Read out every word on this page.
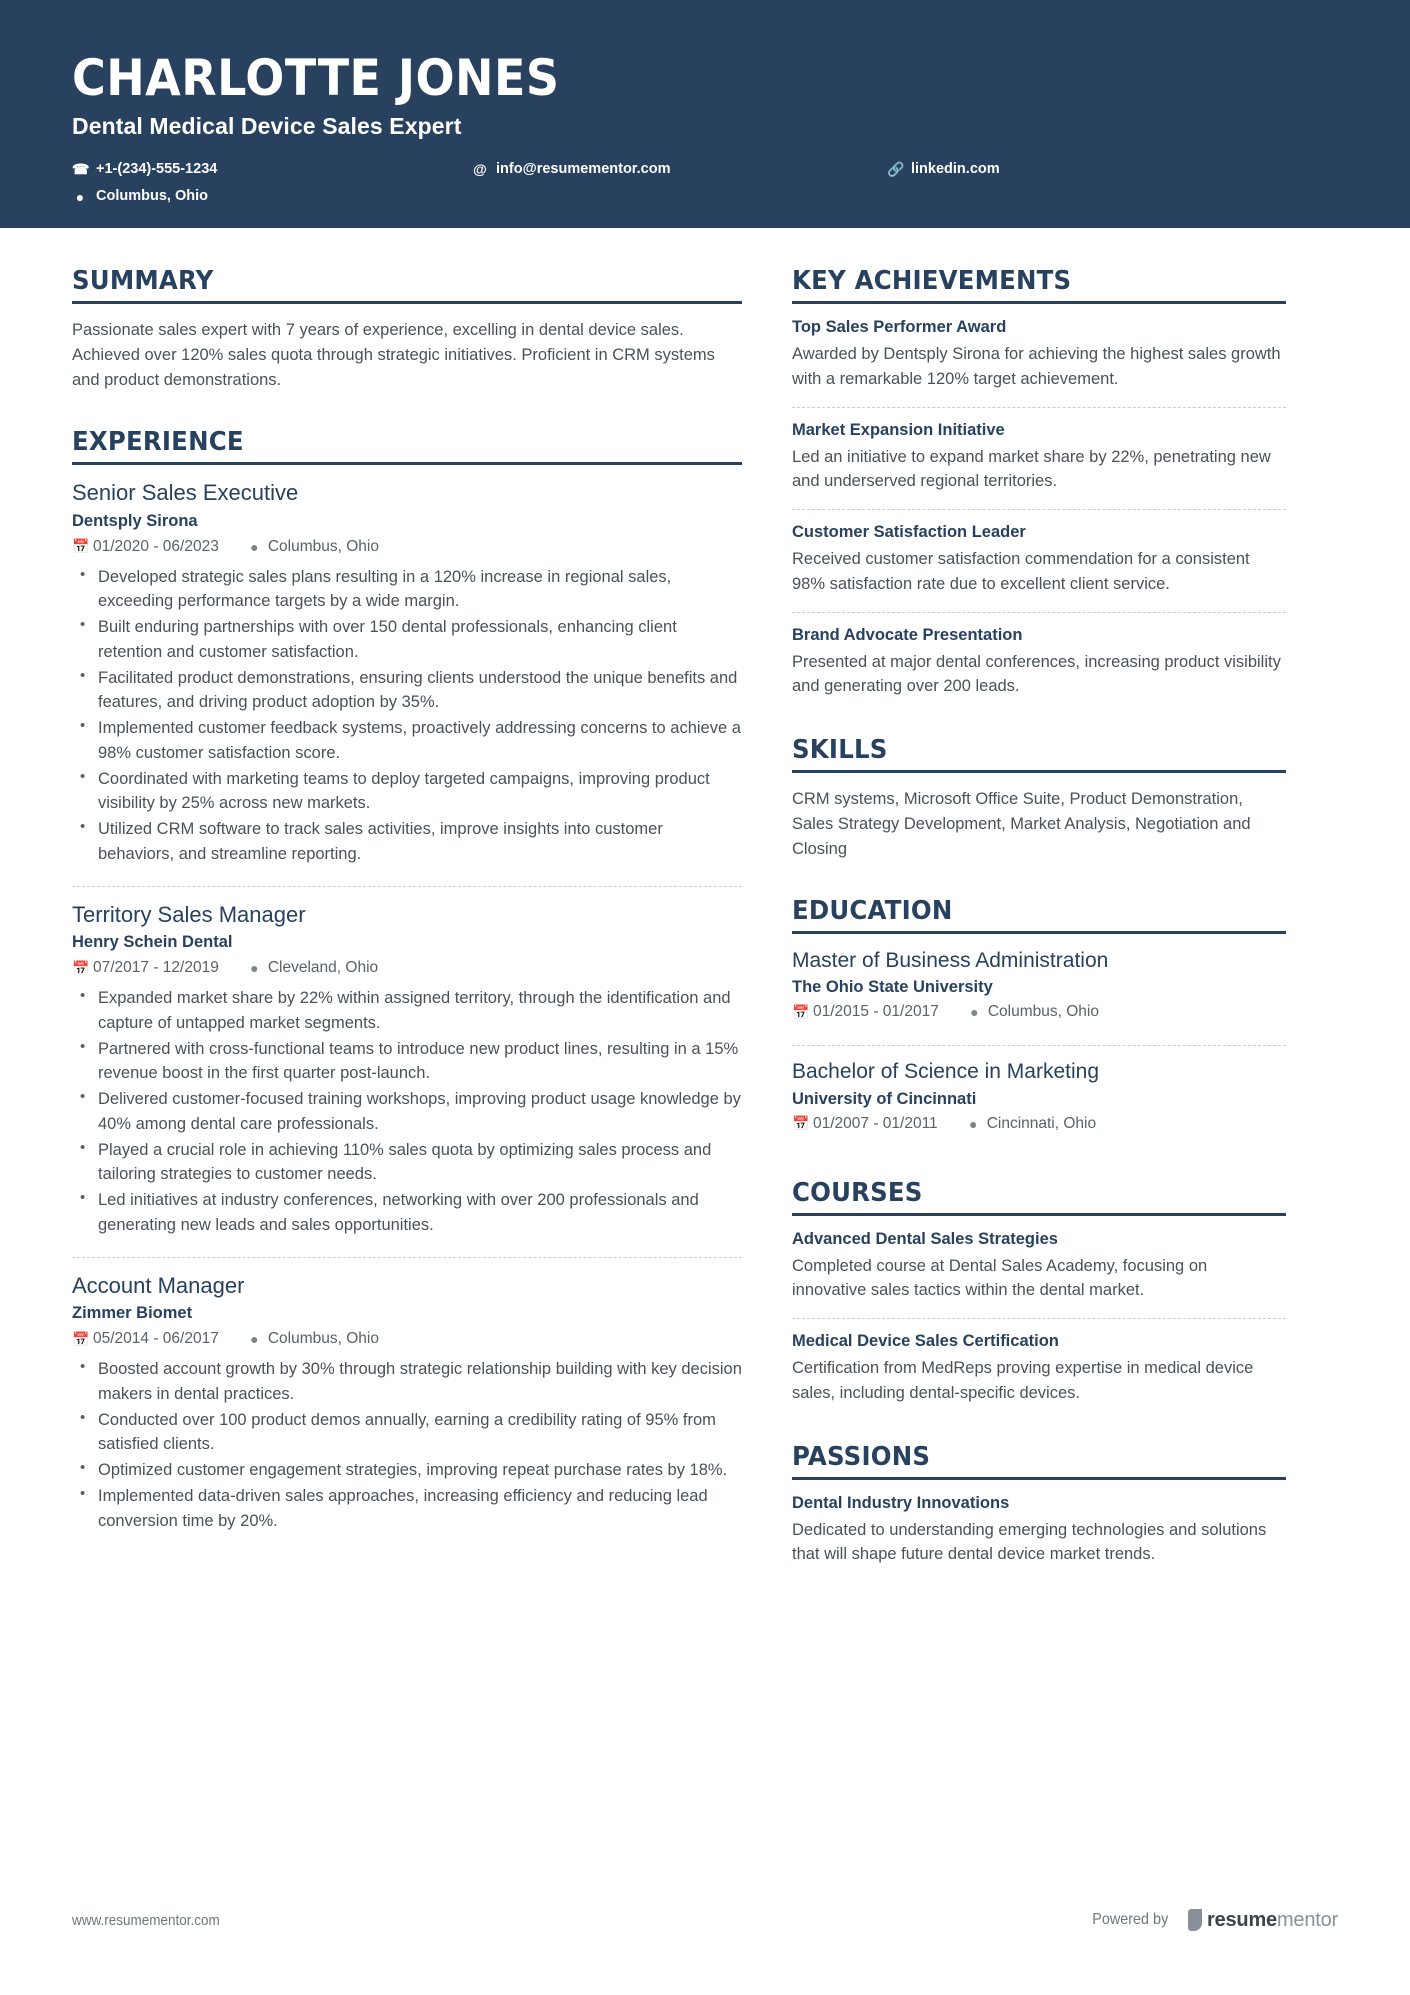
CHARLOTTE JONES
Dental Medical Device Sales Expert
☎ +1-(234)-555-1234	@ info@resumementor.com	🔗 linkedin.com
● Columbus, Ohio
SUMMARY

Passionate sales expert with 7 years of experience, excelling in dental device sales. Achieved over 120% sales quota through strategic initiatives. Proficient in CRM systems and product demonstrations.

EXPERIENCE
Senior Sales Executive
Dentsply Sirona
📅 01/2020 - 06/2023 ● Columbus, Ohio
• Developed strategic sales plans resulting in a 120% increase in regional sales, exceeding performance targets by a wide margin.
• Built enduring partnerships with over 150 dental professionals, enhancing client retention and customer satisfaction.
• Facilitated product demonstrations, ensuring clients understood the unique benefits and features, and driving product adoption by 35%.
• Implemented customer feedback systems, proactively addressing concerns to achieve a 98% customer satisfaction score.
• Coordinated with marketing teams to deploy targeted campaigns, improving product visibility by 25% across new markets.
• Utilized CRM software to track sales activities, improve insights into customer behaviors, and streamline reporting.
Territory Sales Manager
Henry Schein Dental
📅 07/2017 - 12/2019 ● Cleveland, Ohio
• Expanded market share by 22% within assigned territory, through the identification and capture of untapped market segments.
• Partnered with cross-functional teams to introduce new product lines, resulting in a 15% revenue boost in the first quarter post-launch.
• Delivered customer-focused training workshops, improving product usage knowledge by 40% among dental care professionals.
• Played a crucial role in achieving 110% sales quota by optimizing sales process and tailoring strategies to customer needs.
• Led initiatives at industry conferences, networking with over 200 professionals and generating new leads and sales opportunities.
Account Manager
Zimmer Biomet
📅 05/2014 - 06/2017 ● Columbus, Ohio
• Boosted account growth by 30% through strategic relationship building with key decision makers in dental practices.
• Conducted over 100 product demos annually, earning a credibility rating of 95% from satisfied clients.
• Optimized customer engagement strategies, improving repeat purchase rates by 18%.
• Implemented data-driven sales approaches, increasing efficiency and reducing lead conversion time by 20%.
KEY ACHIEVEMENTS
Top Sales Performer Award

Awarded by Dentsply Sirona for achieving the highest sales growth with a remarkable 120% target achievement.

Market Expansion Initiative

Led an initiative to expand market share by 22%, penetrating new and underserved regional territories.

Customer Satisfaction Leader

Received customer satisfaction commendation for a consistent 98% satisfaction rate due to excellent client service.

Brand Advocate Presentation

Presented at major dental conferences, increasing product visibility and generating over 200 leads.

SKILLS

CRM systems, Microsoft Office Suite, Product Demonstration, Sales Strategy Development, Market Analysis, Negotiation and Closing

EDUCATION
Master of Business Administration
The Ohio State University
📅 01/2015 - 01/2017 ● Columbus, Ohio
Bachelor of Science in Marketing
University of Cincinnati
📅 01/2007 - 01/2011 ● Cincinnati, Ohio
COURSES
Advanced Dental Sales Strategies

Completed course at Dental Sales Academy, focusing on innovative sales tactics within the dental market.

Medical Device Sales Certification

Certification from MedReps proving expertise in medical device sales, including dental-specific devices.

PASSIONS
Dental Industry Innovations

Dedicated to understanding emerging technologies and solutions that will shape future dental device market trends.

www.resumementor.com	Powered by resumementor
